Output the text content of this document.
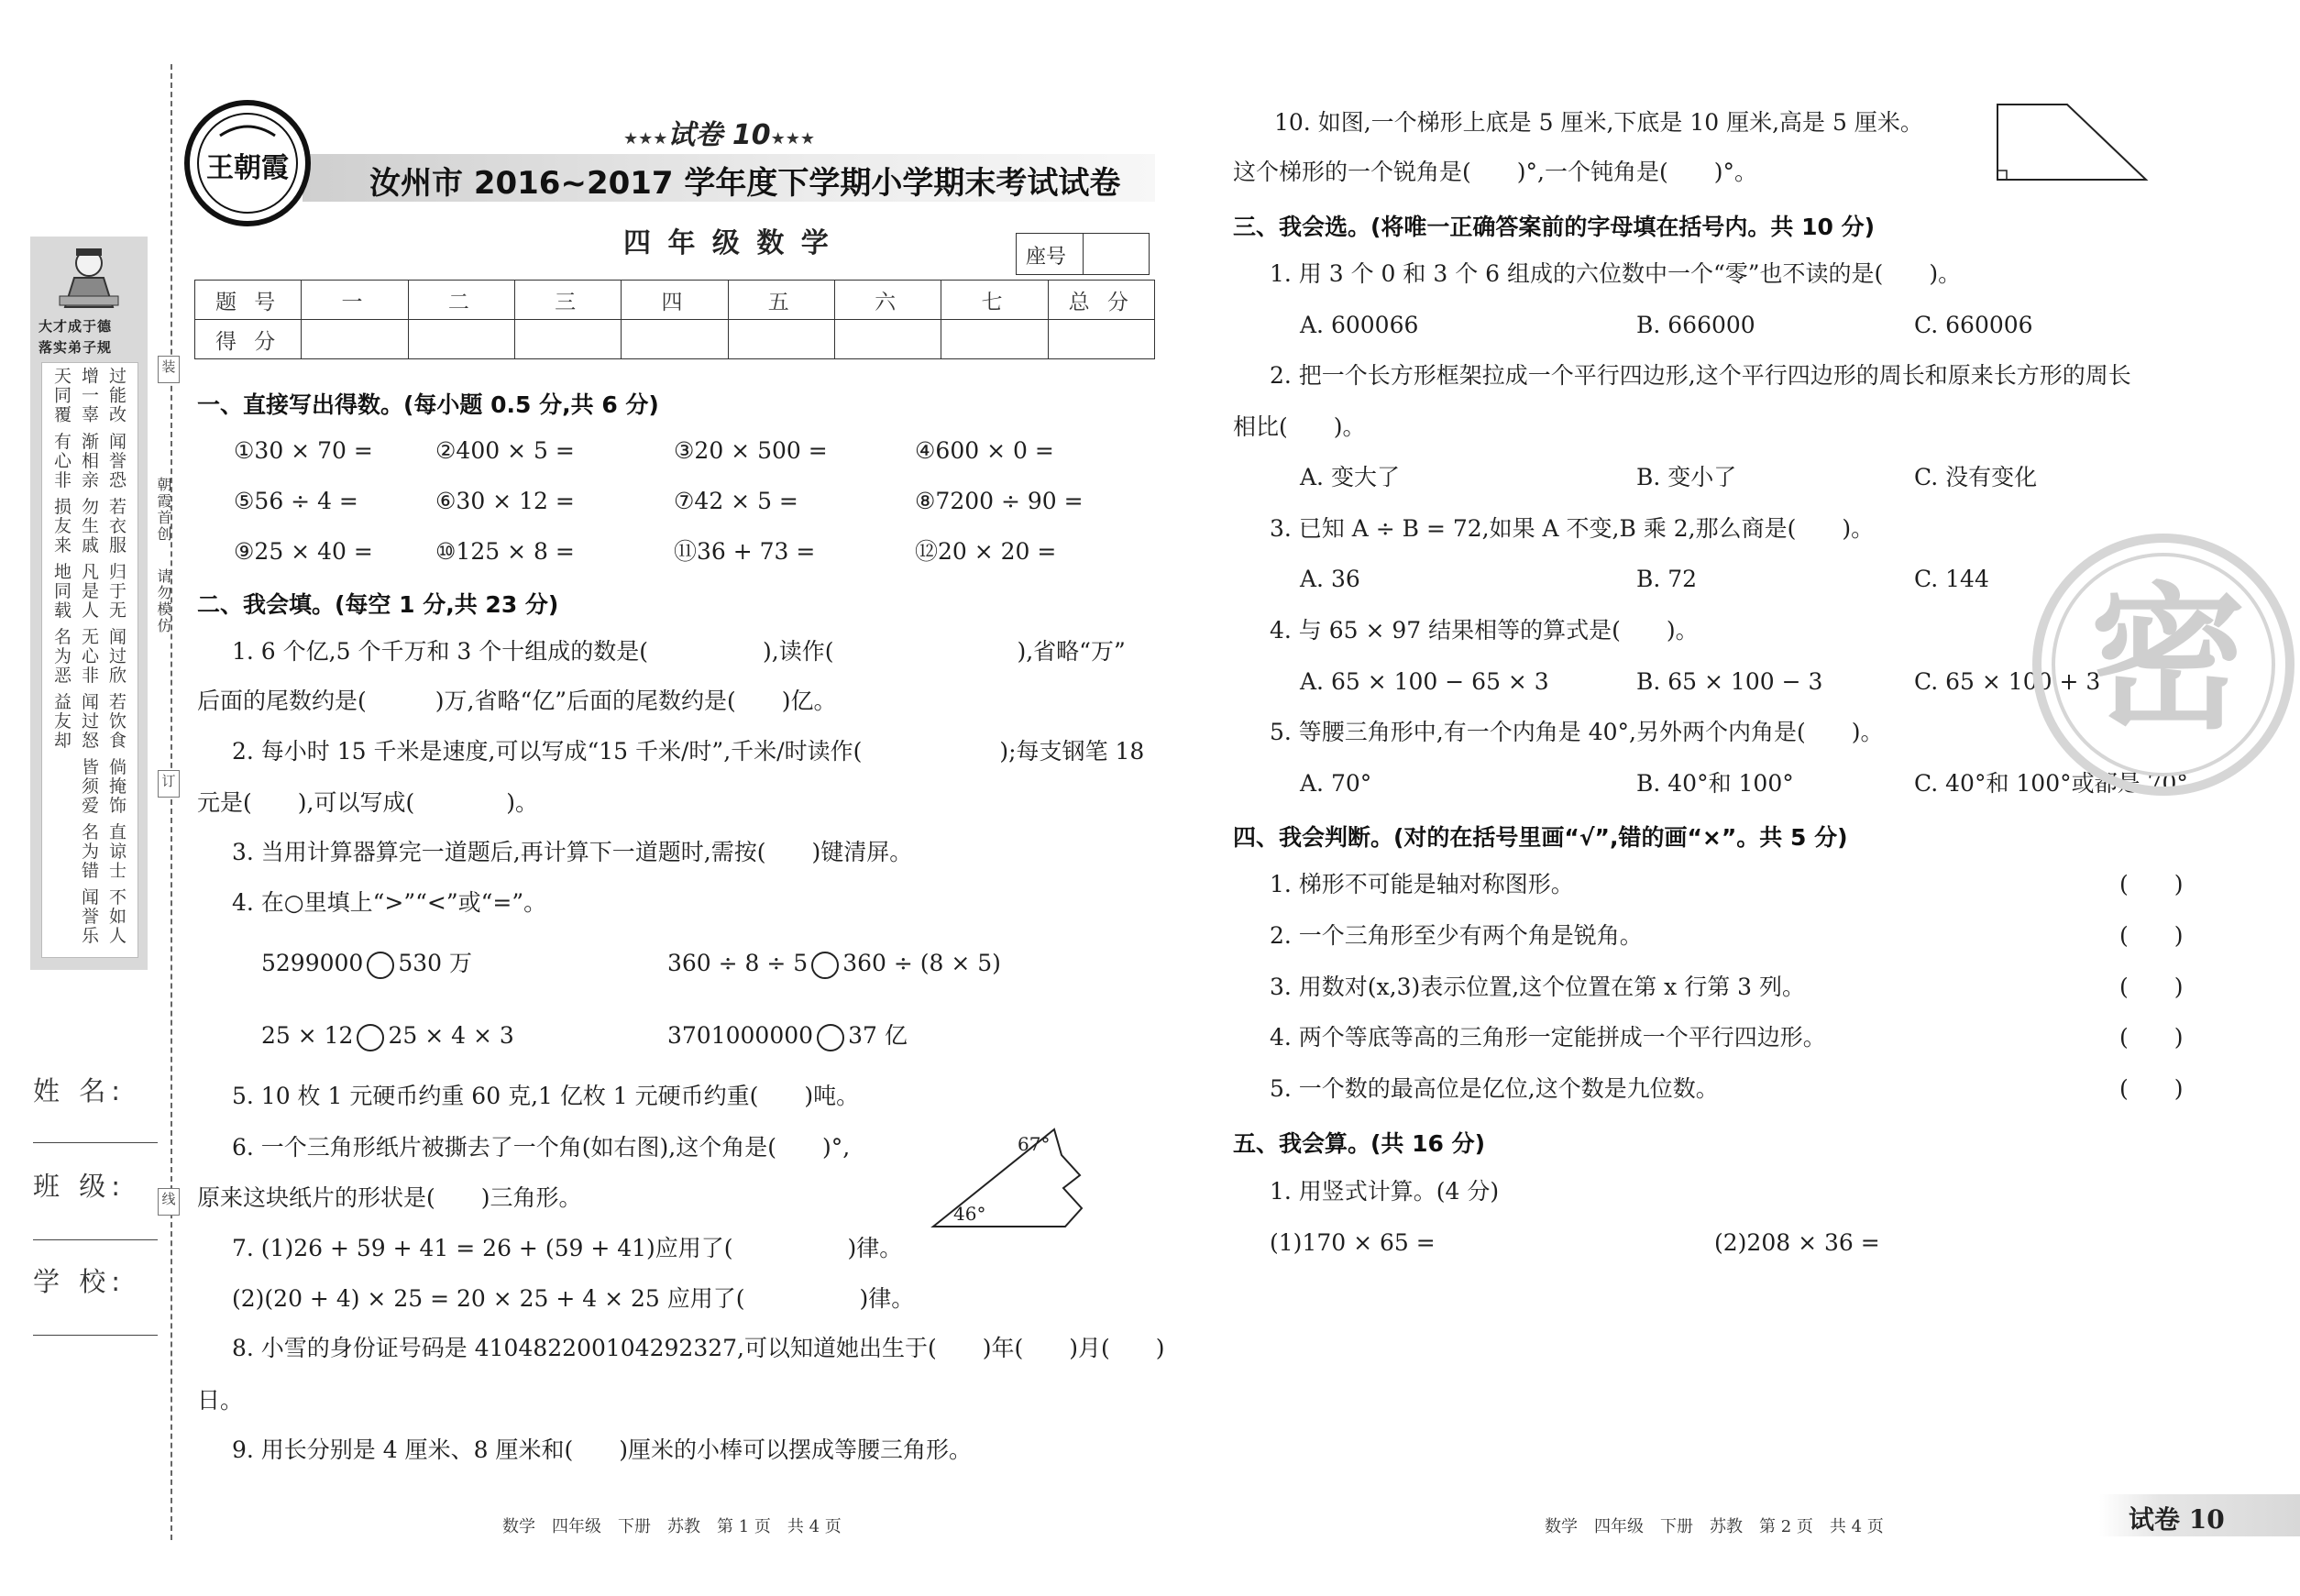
大才成于德
落实弟子规
过能改 闻誉恐 若衣服 归于无 闻过欣 若饮食 倘掩饰 直谅士 不如人 增一辜 渐相亲 勿生戚 凡是人 无心非 闻过怒 皆须爱 名为错 闻誉乐 天同覆 有心非 损友来 地同载 名为恶 益友却
姓 名:
班 级:
学 校:
装
订
线
朝霞首创
请勿模仿
王朝霞
★★★试卷 10★★★
汝州市 2016~2017 学年度下学期小学期末考试试卷
四 年 级 数 学	座号
题 号	一	二	三	四	五	六	七	总 分
得 分								
一、直接写出得数。(每小题 0.5 分,共 6 分)
①30 × 70 =	②400 × 5 =	③20 × 500 =	④600 × 0 =
⑤56 ÷ 4 =	⑥30 × 12 =	⑦42 × 5 =	⑧7200 ÷ 90 =
⑨25 × 40 =	⑩125 × 8 =	⑪36 + 73 =	⑫20 × 20 =
二、我会填。(每空 1 分,共 23 分)
1. 6 个亿,5 个千万和 3 个十组成的数是(　　　　　),读作(　　　　　　　　),省略“万”
后面的尾数约是(　　　)万,省略“亿”后面的尾数约是(　　)亿。
2. 每小时 15 千米是速度,可以写成“15 千米/时”,千米/时读作(　　　　　　);每支钢笔 18
元是(　　),可以写成(　　　　)。
3. 当用计算器算完一道题后,再计算下一道题时,需按(　　)键清屏。
4. 在○里填上“>”“<”或“=”。
5299000 530 万	360 ÷ 8 ÷ 5 360 ÷ (8 × 5)
25 × 12 25 × 4 × 3	3701000000 37 亿
5. 10 枚 1 元硬币约重 60 克,1 亿枚 1 元硬币约重(　　)吨。
6. 一个三角形纸片被撕去了一个角(如右图),这个角是(　　)°,
原来这块纸片的形状是(　　)三角形。
67°
46°
7. (1)26 + 59 + 41 = 26 + (59 + 41)应用了(　　　　　)律。
(2)(20 + 4) × 25 = 20 × 25 + 4 × 25 应用了(　　　　　)律。
8. 小雪的身份证号码是 410482200104292327,可以知道她出生于(　　)年(　　)月(　　)
日。
9. 用长分别是 4 厘米、8 厘米和(　　)厘米的小棒可以摆成等腰三角形。
数学　四年级　下册　苏教　第 1 页　共 4 页
10. 如图,一个梯形上底是 5 厘米,下底是 10 厘米,高是 5 厘米。
这个梯形的一个锐角是(　　)°,一个钝角是(　　)°。
三、我会选。(将唯一正确答案前的字母填在括号内。共 10 分)
1. 用 3 个 0 和 3 个 6 组成的六位数中一个“零”也不读的是(　　)。
A. 600066	B. 666000	C. 660006
2. 把一个长方形框架拉成一个平行四边形,这个平行四边形的周长和原来长方形的周长
相比(　　)。
A. 变大了	B. 变小了	C. 没有变化
3. 已知 A ÷ B = 72,如果 A 不变,B 乘 2,那么商是(　　)。
A. 36	B. 72	C. 144
4. 与 65 × 97 结果相等的算式是(　　)。
A. 65 × 100 − 65 × 3	B. 65 × 100 − 3	C. 65 × 100 + 3
5. 等腰三角形中,有一个内角是 40°,另外两个内角是(　　)。
A. 70°	B. 40°和 100°	C. 40°和 100°或都是 70°
密
四、我会判断。(对的在括号里画“√”,错的画“×”。共 5 分)
1. 梯形不可能是轴对称图形。	(　　)
2. 一个三角形至少有两个角是锐角。	(　　)
3. 用数对(x,3)表示位置,这个位置在第 x 行第 3 列。	(　　)
4. 两个等底等高的三角形一定能拼成一个平行四边形。	(　　)
5. 一个数的最高位是亿位,这个数是九位数。	(　　)
五、我会算。(共 16 分)
1. 用竖式计算。(4 分)
(1)170 × 65 =	(2)208 × 36 =
数学　四年级　下册　苏教　第 2 页　共 4 页	试卷 10
